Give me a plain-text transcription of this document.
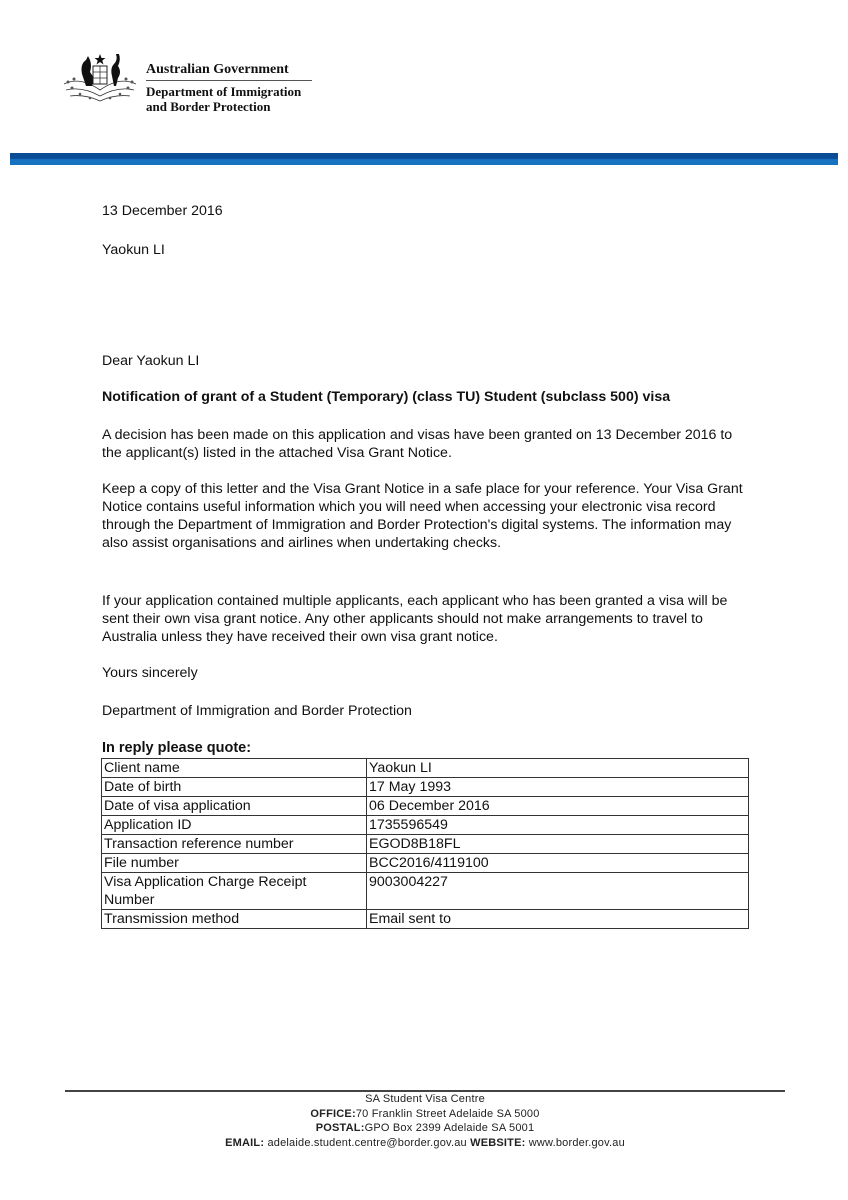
Australian Government
Department of Immigration
and Border Protection
13 December 2016
Yaokun LI
Dear Yaokun LI
Notification of grant of a Student (Temporary) (class TU) Student (subclass 500) visa
A decision has been made on this application and visas have been granted on 13 December 2016 to the applicant(s) listed in the attached Visa Grant Notice.
Keep a copy of this letter and the Visa Grant Notice in a safe place for your reference. Your Visa Grant Notice contains useful information which you will need when accessing your electronic visa record through the Department of Immigration and Border Protection's digital systems. The information may also assist organisations and airlines when undertaking checks.
If your application contained multiple applicants, each applicant who has been granted a visa will be sent their own visa grant notice. Any other applicants should not make arrangements to travel to Australia unless they have received their own visa grant notice.
Yours sincerely
Department of Immigration and Border Protection
In reply please quote:
Client name	Yaokun LI
Date of birth	17 May 1993
Date of visa application	06 December 2016
Application ID	1735596549
Transaction reference number	EGOD8B18FL
File number	BCC2016/4119100
Visa Application Charge Receipt Number	9003004227
Transmission method	Email sent to
SA Student Visa Centre
OFFICE:70 Franklin Street Adelaide SA 5000
POSTAL:GPO Box 2399 Adelaide SA 5001
EMAIL: adelaide.student.centre@border.gov.au WEBSITE: www.border.gov.au
